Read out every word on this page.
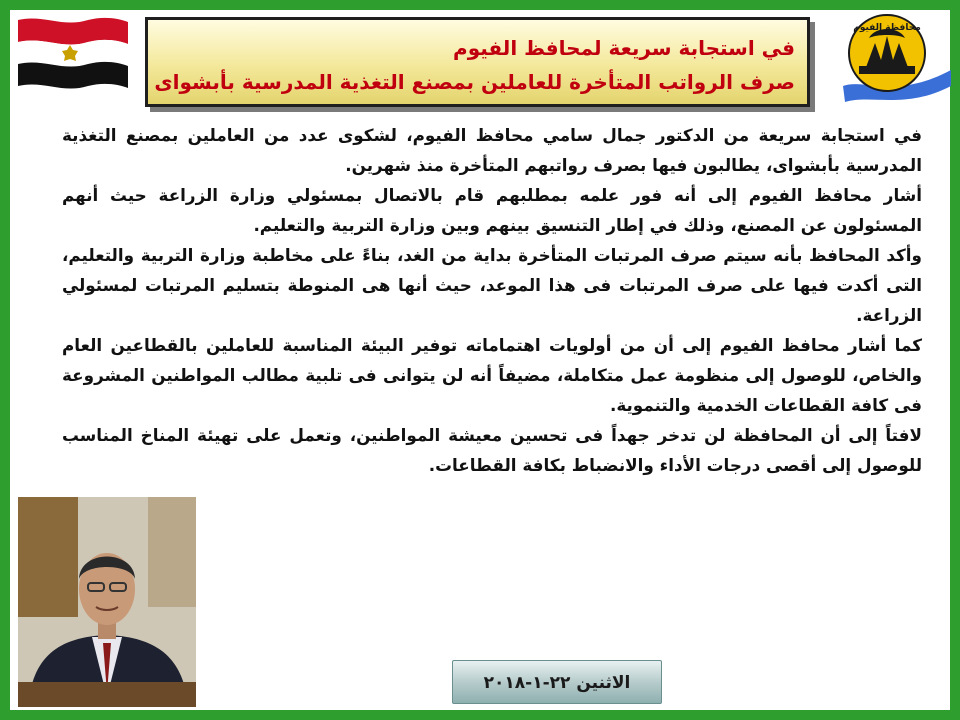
محافظة الفيوم
في استجابة سريعة لمحافظ الفيوم
صرف الرواتب المتأخرة للعاملين بمصنع التغذية المدرسية بأبشواى

في استجابة سريعة من الدكتور جمال سامي محافظ الفيوم، لشكوى عدد من العاملين بمصنع التغذية المدرسية بأبشواى، يطالبون فيها بصرف رواتبهم المتأخرة منذ شهرين.

أشار محافظ الفيوم إلى أنه فور علمه بمطلبهم قام بالاتصال بمسئولي وزارة الزراعة حيث أنهم المسئولون عن المصنع، وذلك في إطار التنسيق بينهم وبين وزارة التربية والتعليم.

وأكد المحافظ بأنه سيتم صرف المرتبات المتأخرة بداية من الغد، بناءً على مخاطبة وزارة التربية والتعليم، التى أكدت فيها على صرف المرتبات فى هذا الموعد، حيث أنها هى المنوطة بتسليم المرتبات لمسئولي الزراعة.

كما أشار محافظ الفيوم إلى أن من أولويات اهتماماته توفير البيئة المناسبة للعاملين بالقطاعين العام والخاص، للوصول إلى منظومة عمل متكاملة، مضيفاً أنه لن يتوانى فى تلبية مطالب المواطنين المشروعة فى كافة القطاعات الخدمية والتنموية.

لافتاً إلى أن المحافظة لن تدخر جهداً فى تحسين معيشة المواطنين، وتعمل على تهيئة المناخ المناسب للوصول إلى أقصى درجات الأداء والانضباط بكافة القطاعات.

الاثنين ٢٢-١-٢٠١٨
